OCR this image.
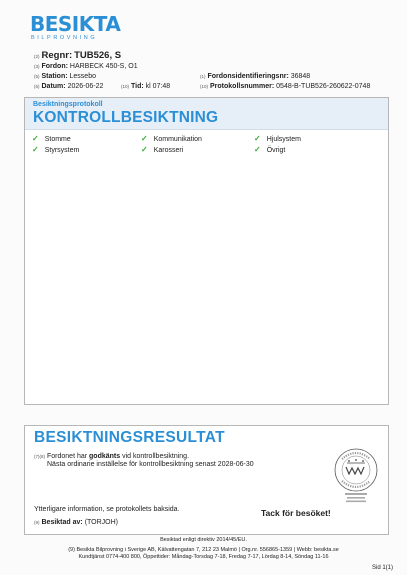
BESIKTA
BILPROVNING
(2) Regnr: TUB526, S
(3) Fordon: HARBECK 450-S, O1
(5) Station: Lessebo
(6) Datum: 2026-06-22	(10) Tid: kl 07:48
(1) Fordonsidentifieringsnr: 36848
(10) Protokollsnummer: 0548-B-TUB526-260622-0748
Besiktningsprotokoll
KONTROLLBESIKTNING
✓ Stomme	✓ Kommunikation	✓ Hjulsystem
✓ Styrsystem	✓ Karosseri	✓ Övrigt
BESIKTNINGSRESULTAT
(7)(8) Fordonet har godkänts vid kontrollbesiktning.
Nästa ordinarie inställelse för kontrollbesiktning senast 2028-06-30
Ytterligare information, se protokollets baksida.
(9) Besiktad av: (TORJOH)
Tack för besöket!
Besiktad enligt direktiv 2014/45/EU.
(9) Besikta Bilprovning i Sverige AB, Kälvattengatan 7, 212 23 Malmö | Org.nr. 556865-1359 | Webb: besikta.se
Kundtjänst 0774-400 800, Öppettider: Måndag-Torsdag 7-18, Fredag 7-17, Lördag 8-14, Söndag 11-16
Sid 1(1)
